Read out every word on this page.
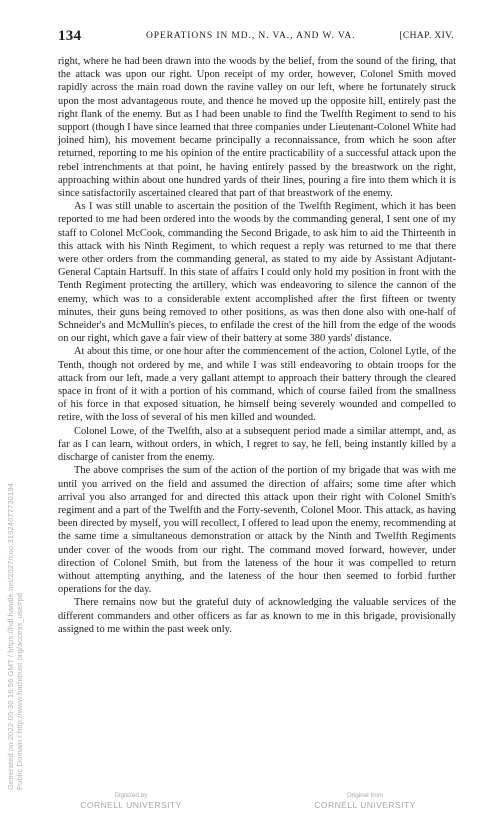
134	OPERATIONS IN MD., N. VA., AND W. VA.	[CHAP. XIV.

right, where he had been drawn into the woods by the belief, from the sound of the firing, that the attack was upon our right. Upon receipt of my order, however, Colonel Smith moved rapidly across the main road down the ravine valley on our left, where he fortunately struck upon the most advantageous route, and thence he moved up the opposite hill, entirely past the right flank of the enemy. But as I had been unable to find the Twelfth Regiment to send to his support (though I have since learned that three companies under Lieutenant-Colonel White had joined him), his movement became principally a reconnaissance, from which he soon after returned, reporting to me his opinion of the entire practicability of a successful attack upon the rebel intrenchments at that point, he having entirely passed by the breastwork on the right, approaching within about one hundred yards of their lines, pouring a fire into them which it is since satisfactorily ascertained cleared that part of that breastwork of the enemy.

As I was still unable to ascertain the position of the Twelfth Regiment, which it has been reported to me had been ordered into the woods by the commanding general, I sent one of my staff to Colonel McCook, commanding the Second Brigade, to ask him to aid the Thirteenth in this attack with his Ninth Regiment, to which request a reply was returned to me that there were other orders from the commanding general, as stated to my aide by Assistant Adjutant-General Captain Hartsuff. In this state of affairs I could only hold my position in front with the Tenth Regiment protecting the artillery, which was endeavoring to silence the cannon of the enemy, which was to a considerable extent accomplished after the first fifteen or twenty minutes, their guns being removed to other positions, as was then done also with one-half of Schneider's and McMullin's pieces, to enfilade the crest of the hill from the edge of the woods on our right, which gave a fair view of their battery at some 380 yards' distance.

At about this time, or one hour after the commencement of the action, Colonel Lytle, of the Tenth, though not ordered by me, and while I was still endeavoring to obtain troops for the attack from our left, made a very gallant attempt to approach their battery through the cleared space in front of it with a portion of his command, which of course failed from the smallness of his force in that exposed situation, he himself being severely wounded and compelled to retire, with the loss of several of his men killed and wounded.

Colonel Lowe, of the Twelfth, also at a subsequent period made a similar attempt, and, as far as I can learn, without orders, in which, I regret to say, he fell, being instantly killed by a discharge of canister from the enemy.

The above comprises the sum of the action of the portion of my brigade that was with me until you arrived on the field and assumed the direction of affairs; some time after which arrival you also arranged for and directed this attack upon their right with Colonel Smith's regiment and a part of the Twelfth and the Forty-seventh, Colonel Moor. This attack, as having been directed by myself, you will recollect, I offered to lead upon the enemy, recommending at the same time a simultaneous demonstration or attack by the Ninth and Twelfth Regiments under cover of the woods from our right. The command moved forward, however, under direction of Colonel Smith, but from the lateness of the hour it was compelled to return without attempting anything, and the lateness of the hour then seemed to forbid further operations for the day.

There remains now but the grateful duty of acknowledging the valuable services of the different commanders and other officers as far as known to me in this brigade, provisionally assigned to me within the past week only.

Generated on 2022-05-30 16:56 GMT / https://hdl.handle.net/2027/coo.31924077730194 Public Domain / http://www.hathitrust.org/access_use#pd
Digitized by
CORNELL UNIVERSITY
Original from
CORNELL UNIVERSITY
